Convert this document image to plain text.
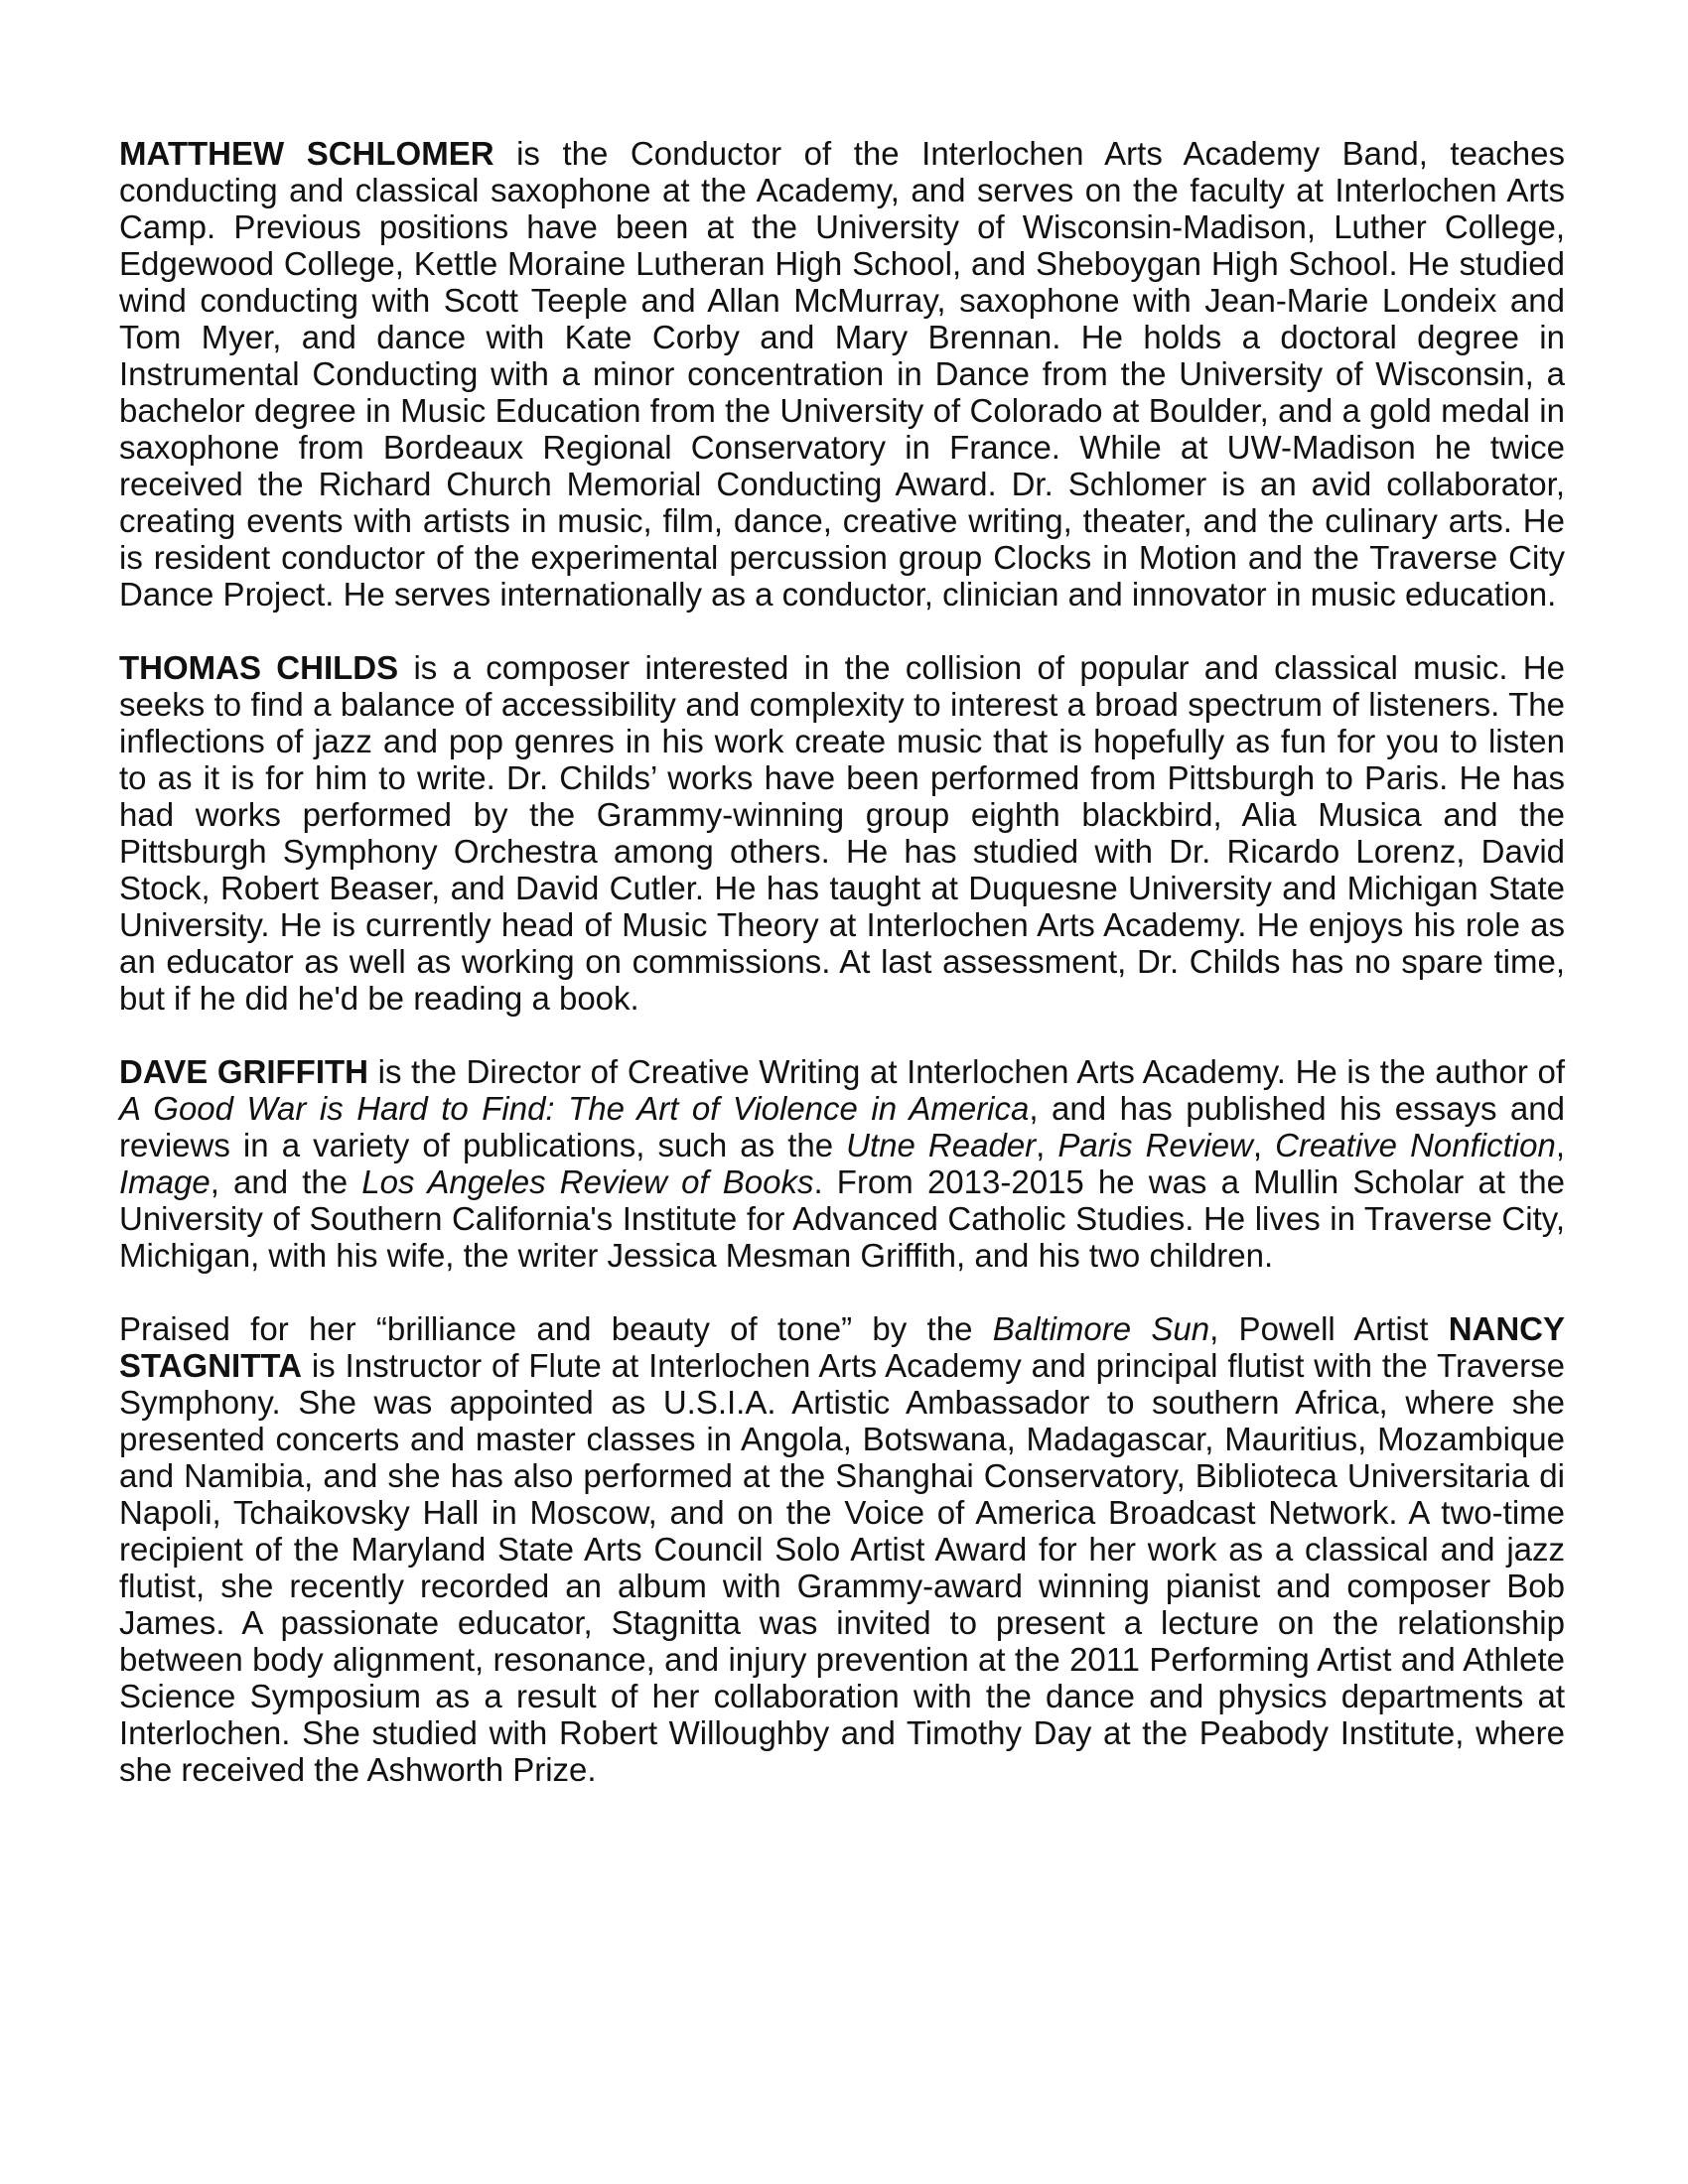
MATTHEW SCHLOMER is the Conductor of the Interlochen Arts Academy Band, teaches conducting and classical saxophone at the Academy, and serves on the faculty at Interlochen Arts Camp. Previous positions have been at the University of Wisconsin-Madison, Luther College, Edgewood College, Kettle Moraine Lutheran High School, and Sheboygan High School. He studied wind conducting with Scott Teeple and Allan McMurray, saxophone with Jean-Marie Londeix and Tom Myer, and dance with Kate Corby and Mary Brennan. He holds a doctoral degree in Instrumental Conducting with a minor concentration in Dance from the University of Wisconsin, a bachelor degree in Music Education from the University of Colorado at Boulder, and a gold medal in saxophone from Bordeaux Regional Conservatory in France. While at UW-Madison he twice received the Richard Church Memorial Conducting Award. Dr. Schlomer is an avid collaborator, creating events with artists in music, film, dance, creative writing, theater, and the culinary arts. He is resident conductor of the experimental percussion group Clocks in Motion and the Traverse City Dance Project. He serves internationally as a conductor, clinician and innovator in music education.

THOMAS CHILDS is a composer interested in the collision of popular and classical music. He seeks to find a balance of accessibility and complexity to interest a broad spectrum of listeners. The inflections of jazz and pop genres in his work create music that is hopefully as fun for you to listen to as it is for him to write. Dr. Childs’ works have been performed from Pittsburgh to Paris. He has had works performed by the Grammy-winning group eighth blackbird, Alia Musica and the Pittsburgh Symphony Orchestra among others. He has studied with Dr. Ricardo Lorenz, David Stock, Robert Beaser, and David Cutler. He has taught at Duquesne University and Michigan State University. He is currently head of Music Theory at Interlochen Arts Academy. He enjoys his role as an educator as well as working on commissions. At last assessment, Dr. Childs has no spare time, but if he did he'd be reading a book.

DAVE GRIFFITH is the Director of Creative Writing at Interlochen Arts Academy. He is the author of A Good War is Hard to Find: The Art of Violence in America, and has published his essays and reviews in a variety of publications, such as the Utne Reader, Paris Review, Creative Nonfiction, Image, and the Los Angeles Review of Books. From 2013-2015 he was a Mullin Scholar at the University of Southern California's Institute for Advanced Catholic Studies. He lives in Traverse City, Michigan, with his wife, the writer Jessica Mesman Griffith, and his two children.

Praised for her “brilliance and beauty of tone” by the Baltimore Sun, Powell Artist NANCY STAGNITTA is Instructor of Flute at Interlochen Arts Academy and principal flutist with the Traverse Symphony. She was appointed as U.S.I.A. Artistic Ambassador to southern Africa, where she presented concerts and master classes in Angola, Botswana, Madagascar, Mauritius, Mozambique and Namibia, and she has also performed at the Shanghai Conservatory, Biblioteca Universitaria di Napoli, Tchaikovsky Hall in Moscow, and on the Voice of America Broadcast Network. A two-time recipient of the Maryland State Arts Council Solo Artist Award for her work as a classical and jazz flutist, she recently recorded an album with Grammy-award winning pianist and composer Bob James. A passionate educator, Stagnitta was invited to present a lecture on the relationship between body alignment, resonance, and injury prevention at the 2011 Performing Artist and Athlete Science Symposium as a result of her collaboration with the dance and physics departments at Interlochen. She studied with Robert Willoughby and Timothy Day at the Peabody Institute, where she received the Ashworth Prize.
